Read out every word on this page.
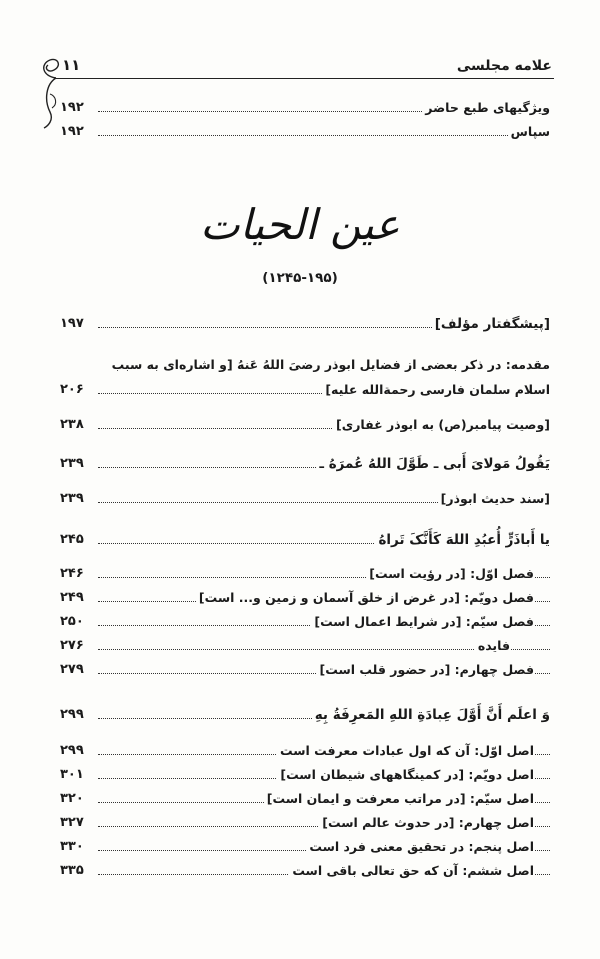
۱۱	علامه مجلسی
ویژگیهای طبع حاضر
۱۹۲
سپاس
۱۹۲
عین الحیات
(۱۲۴۵-۱۹۵)
[پیشگفتار مؤلف]
۱۹۷
مقدمه: در ذکر بعضی از فضایل ابوذر رضیَ اللهُ عَنهُ [و اشاره‌ای به سبب
اسلام سلمان فارسی رحمةالله علیه]
۲۰۶
[وصیت پیامبر(ص) به ابوذر غفاری]
۲۳۸
یَقُولُ مَولایَ أَبی ـ طَوَّلَ اللهُ عُمرَهُ ـ
۲۳۹
[سند حدیث ابوذر]
۲۳۹
یا أَباذَرٍّ أُعبُدِ اللهَ کَأَنَّکَ تَراهُ
۲۴۵
فصل اوّل: [در رؤیت است]
۲۴۶
فصل دویّم: [در غرض از خلق آسمان و زمین و... است]
۲۴۹
فصل سیّم: [در شرایط اعمال است]
۲۵۰
فایده
۲۷۶
فصل چهارم: [در حضور قلب است]
۲۷۹
وَ اعلَم أَنَّ أَوَّلَ عِبادَةِ اللهِ المَعرِفَةُ بِهِ
۲۹۹
اصل اوّل: آن که اول عبادات معرفت است
۲۹۹
اصل دویّم: [در کمینگاههای شیطان است]
۳۰۱
اصل سیّم: [در مراتب معرفت و ایمان است]
۳۲۰
اصل چهارم: [در حدوث عالم است]
۳۲۷
اصل پنجم: در تحقیق معنی فرد است
۳۳۰
اصل ششم: آن که حق تعالی باقی است
۳۳۵
